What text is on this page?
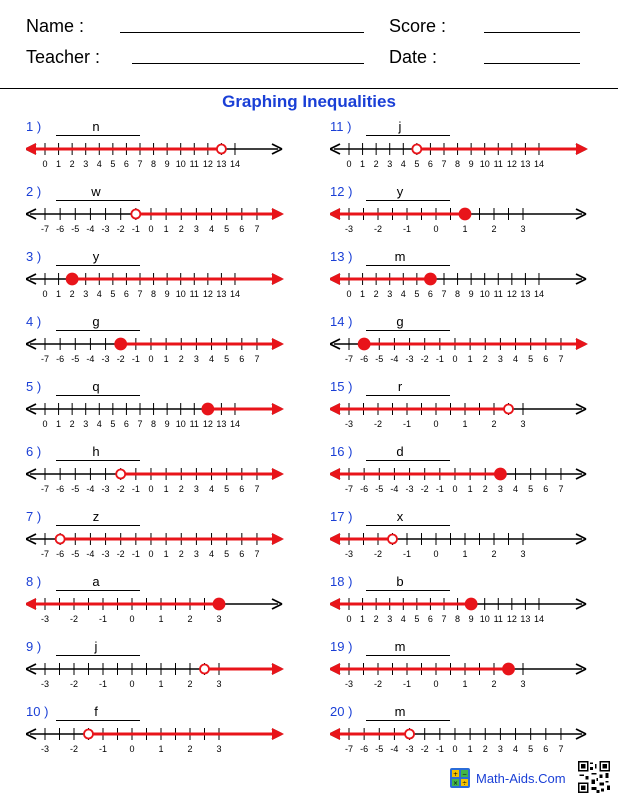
Name :	Score :
Teacher :	Date :
Graphing Inequalities
1 )	n
0 1 2 3 4 5 6 7 8 9 10 11 12 13 14
2 )	w
-7 -6 -5 -4 -3 -2 -1 0 1 2 3 4 5 6 7
3 )	y
0 1 2 3 4 5 6 7 8 9 10 11 12 13 14
4 )	g
-7 -6 -5 -4 -3 -2 -1 0 1 2 3 4 5 6 7
5 )	q
0 1 2 3 4 5 6 7 8 9 10 11 12 13 14
6 )	h
-7 -6 -5 -4 -3 -2 -1 0 1 2 3 4 5 6 7
7 )	z
-7 -6 -5 -4 -3 -2 -1 0 1 2 3 4 5 6 7
8 )	a
-3 -2 -1 0	1	2	3
9 )	j
-3 -2 -1 0	1	2	3
10 )	f
-3 -2 -1 0	1	2	3
11 )	j
0 1 2 3 4 5 6 7 8 9 10 11 12 13 14
12 )	y
-3 -2 -1 0	1	2	3
13 )	m
0 1 2 3 4 5 6 7 8 9 10 11 12 13 14
14 )	g
-7 -6 -5 -4 -3 -2 -1 0 1 2 3 4 5 6 7
15 )	r
-3 -2 -1 0	1	2	3
16 )	d
-7 -6 -5 -4 -3 -2 -1 0 1 2 3 4 5 6 7
17 )	x
-3 -2 -1 0	1	2	3
18 )	b
0 1 2 3 4 5 6 7 8 9 10 11 12 13 14
19 )	m
-3 -2 -1 0	1	2	3
20 )	m
-7 -6 -5 -4 -3 -2 -1 0 1 2 3 4 5 6 7
+ −
× ÷ Math-Aids.Com
